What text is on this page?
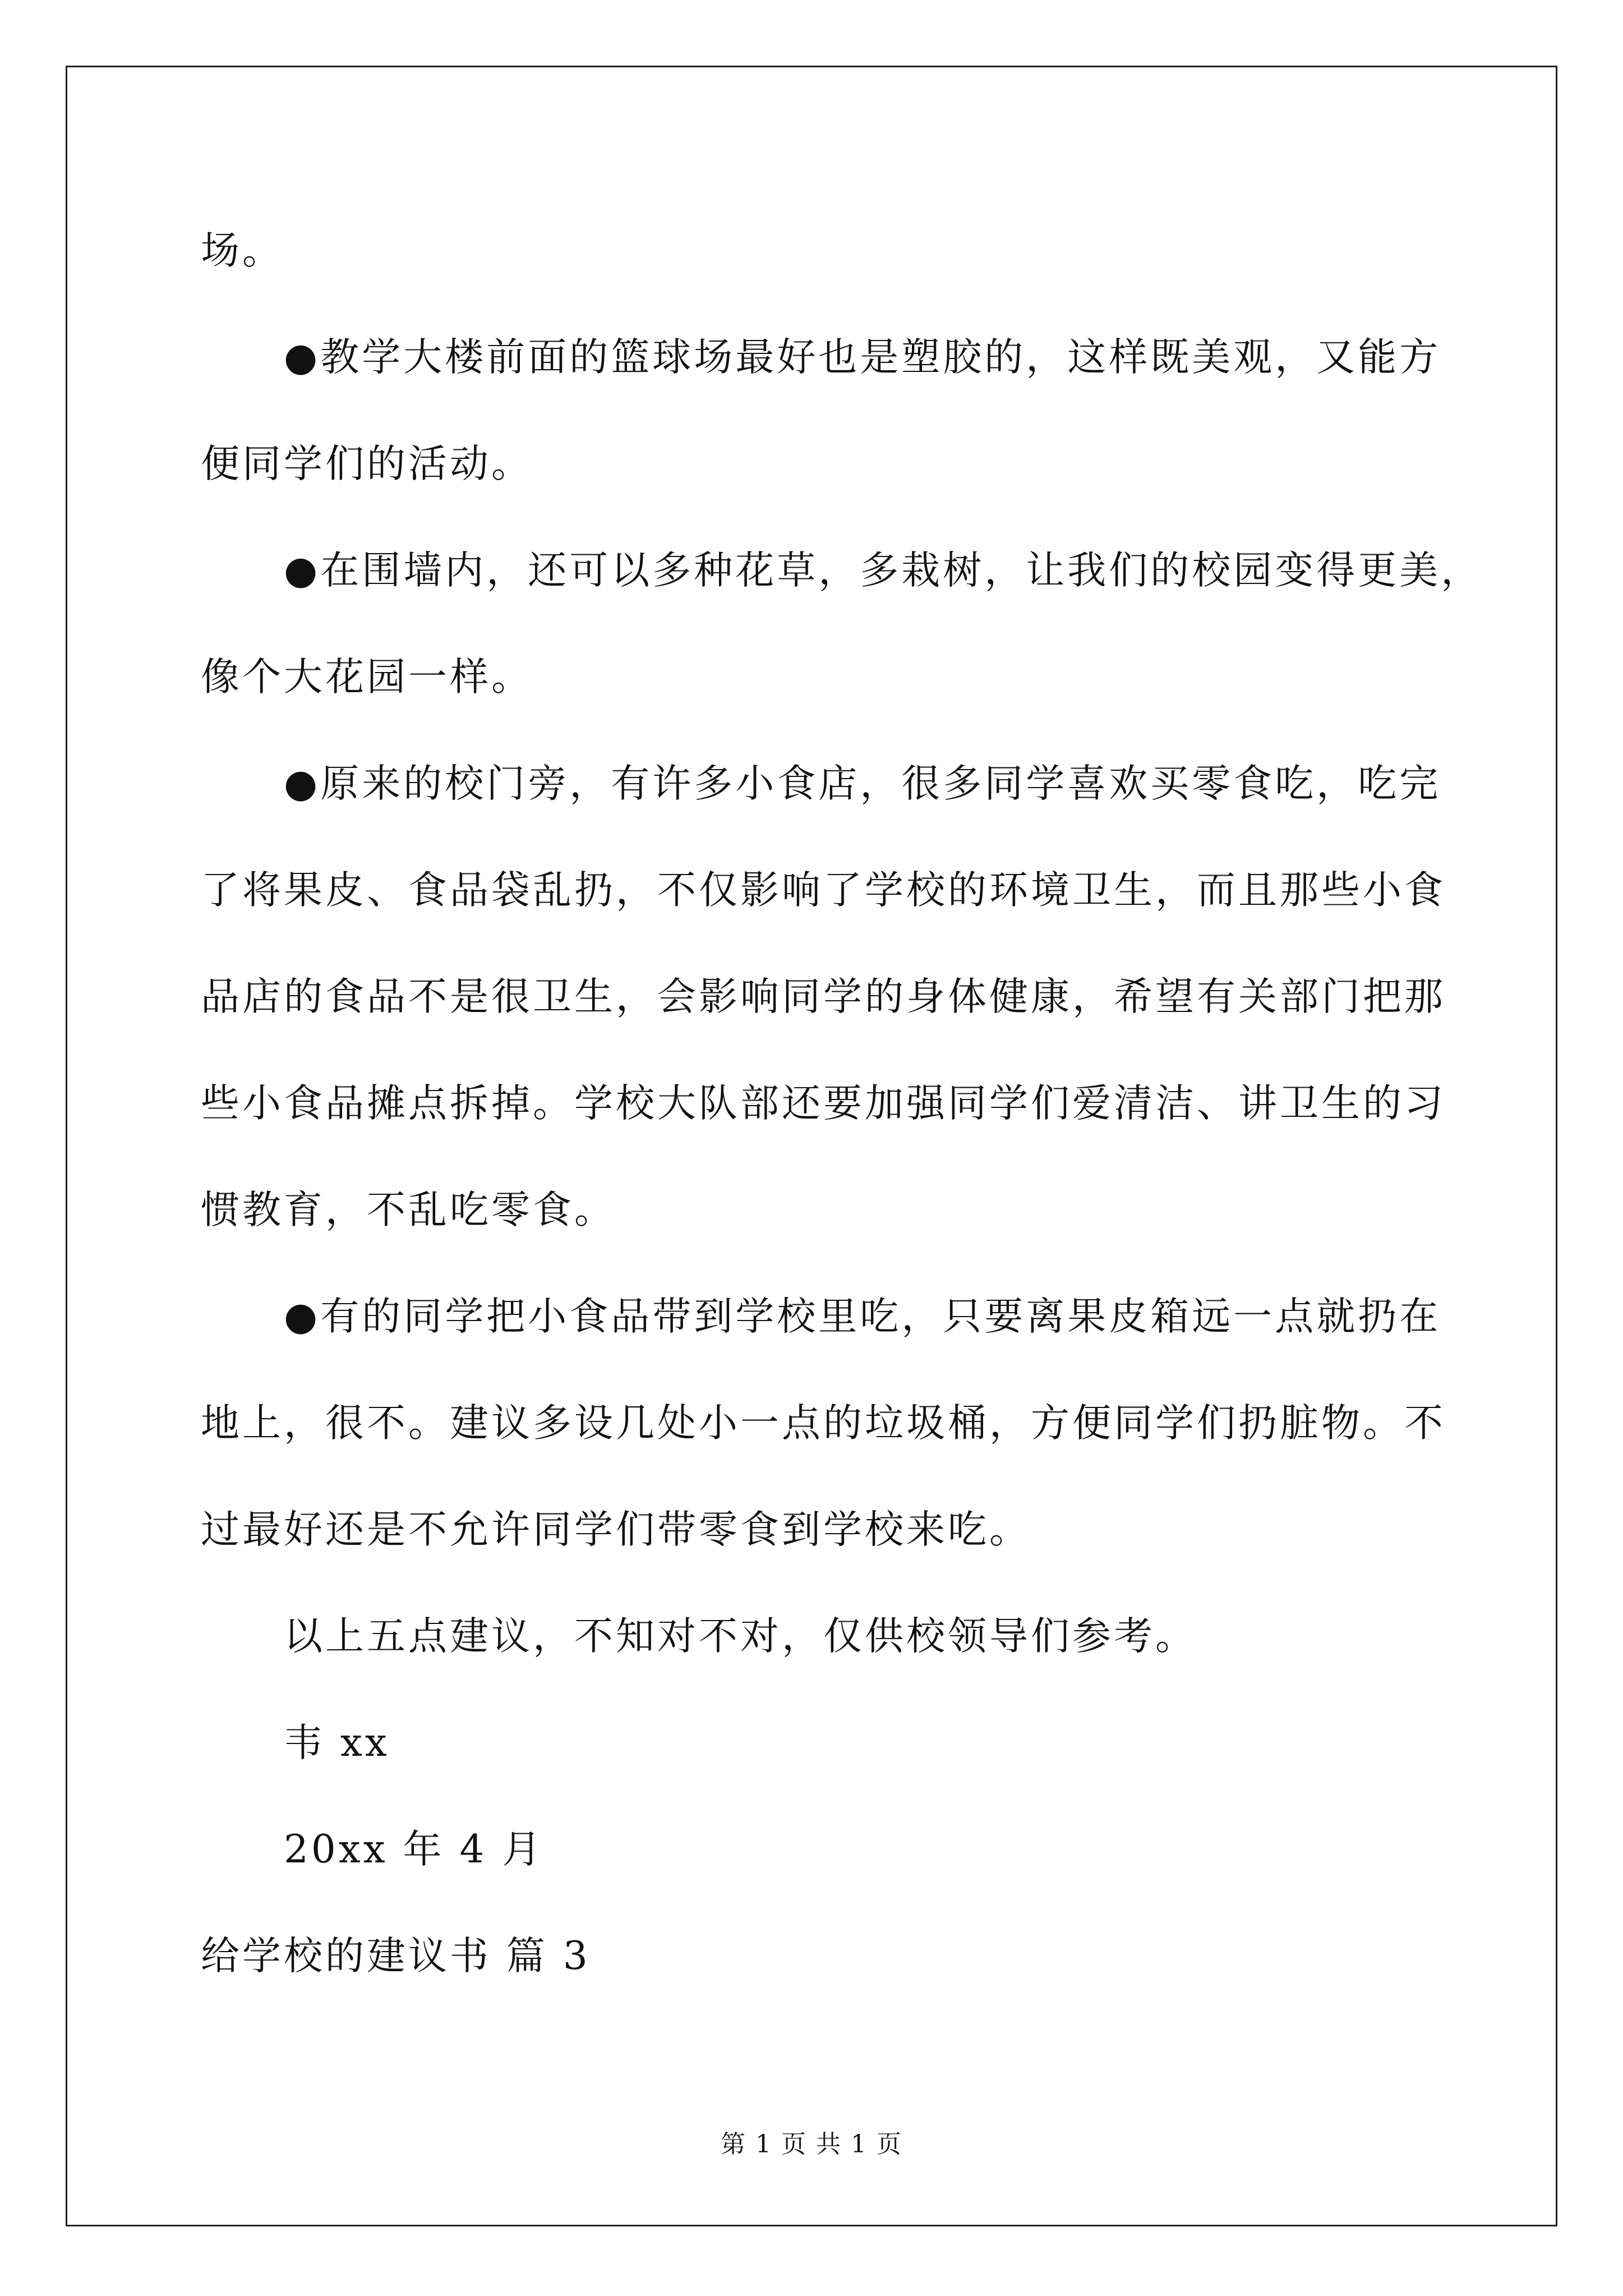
场。
●教学大楼前面的篮球场最好也是塑胶的，这样既美观，又能方
便同学们的活动。
●在围墙内，还可以多种花草，多栽树，让我们的校园变得更美，
像个大花园一样。
●原来的校门旁，有许多小食店，很多同学喜欢买零食吃，吃完
了将果皮、食品袋乱扔，不仅影响了学校的环境卫生，而且那些小食
品店的食品不是很卫生，会影响同学的身体健康，希望有关部门把那
些小食品摊点拆掉。学校大队部还要加强同学们爱清洁、讲卫生的习
惯教育，不乱吃零食。
●有的同学把小食品带到学校里吃，只要离果皮箱远一点就扔在
地上，很不。建议多设几处小一点的垃圾桶，方便同学们扔脏物。不
过最好还是不允许同学们带零食到学校来吃。
以上五点建议，不知对不对，仅供校领导们参考。
韦 xx
20xx 年 4 月
给学校的建议书 篇 3
第 1 页 共 1 页
